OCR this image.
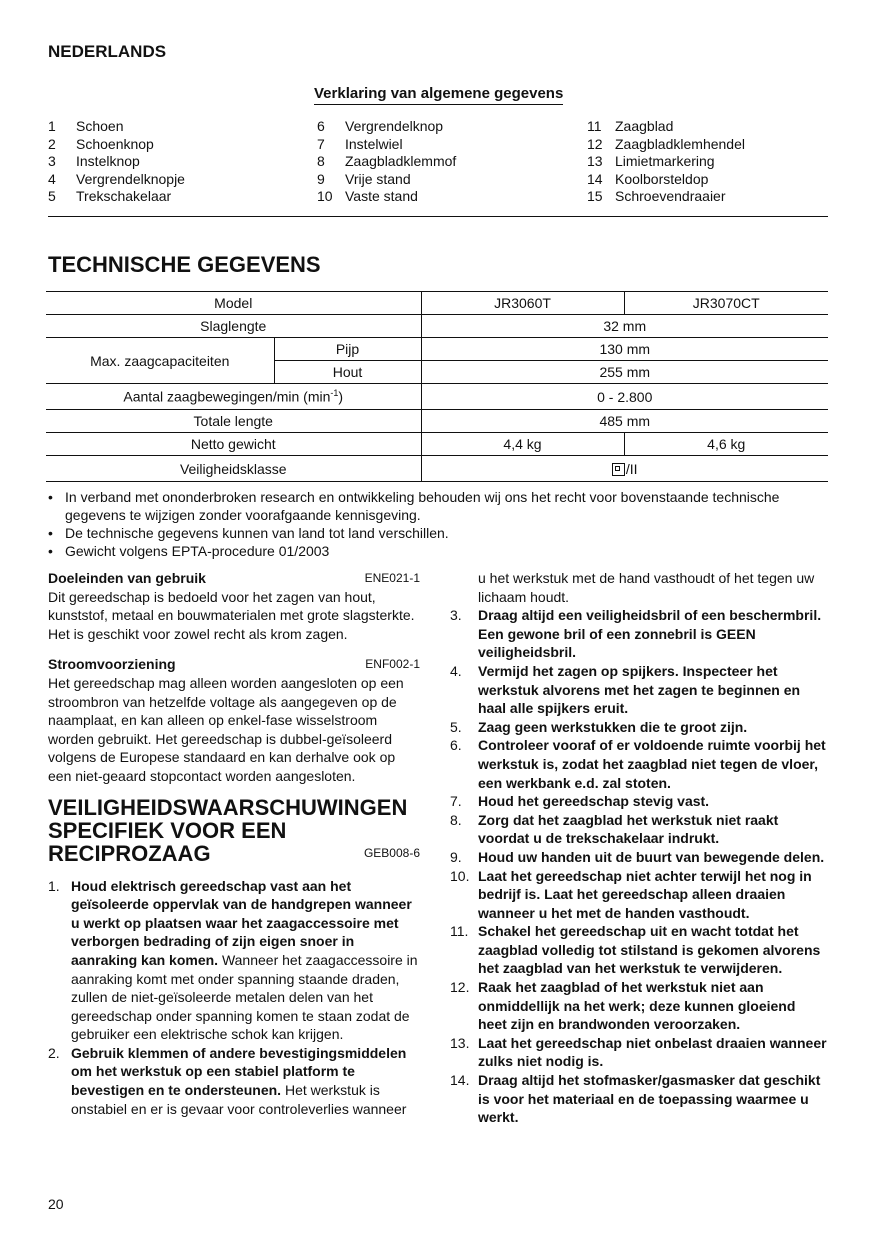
NEDERLANDS
Verklaring van algemene gegevens
1	Schoen
2	Schoenknop
3	Instelknop
4	Vergrendelknopje
5	Trekschakelaar
6	Vergrendelknop
7	Instelwiel
8	Zaagbladklemmof
9	Vrije stand
10 Vaste stand
11 Zaagblad
12 Zaagbladklemhendel
13 Limietmarkering
14 Koolborsteldop
15 Schroevendraaier
TECHNISCHE GEGEVENS
Model		JR3060T	JR3070CT
Slaglengte		32 mm	
Max. zaagcapaciteiten	Pijp	130 mm	
	Hout	255 mm	
Aantal zaagbewegingen/min $(\min^{-1})$		0 - 2.800	
Totale lengte		485 mm	
Netto gewicht		4,4 kg	4,6 kg
Veiligheidsklasse		/II	
• In verband met ononderbroken research en ontwikkeling behouden wij ons het recht voor bovenstaande technische gegevens te wijzigen zonder voorafgaande kennisgeving.
• De technische gegevens kunnen van land tot land verschillen.
• Gewicht volgens EPTA-procedure 01/2003
Doeleinden van gebruik	ENE021-1

Dit gereedschap is bedoeld voor het zagen van hout, kunststof, metaal en bouwmaterialen met grote slagsterkte. Het is geschikt voor zowel recht als krom zagen.

Stroomvoorziening	ENF002-1

Het gereedschap mag alleen worden aangesloten op een stroombron van hetzelfde voltage als aangegeven op de naamplaat, en kan alleen op enkel-fase wisselstroom worden gebruikt. Het gereedschap is dubbel-geïsoleerd volgens de Europese standaard en kan derhalve ook op een niet-geaard stopcontact worden aangesloten.

VEILIGHEIDSWAARSCHUWINGEN
SPECIFIEK VOOR EEN
RECIPROZAAG	GEB008-6
1. Houd elektrisch gereedschap vast aan het geïsoleerde oppervlak van de handgrepen wanneer u werkt op plaatsen waar het zaagaccessoire met verborgen bedrading of zijn eigen snoer in aanraking kan komen. Wanneer het zaagaccessoire in aanraking komt met onder spanning staande draden, zullen de niet-geïsoleerde metalen delen van het gereedschap onder spanning komen te staan zodat de gebruiker een elektrische schok kan krijgen.
2. Gebruik klemmen of andere bevestigingsmiddelen om het werkstuk op een stabiel platform te bevestigen en te ondersteunen. Het werkstuk is onstabiel en er is gevaar voor controleverlies wanneer
u het werkstuk met de hand vasthoudt of het tegen uw lichaam houdt.
3.	Draag altijd een veiligheidsbril of een beschermbril. Een gewone bril of een zonnebril is GEEN veiligheidsbril.
4.	Vermijd het zagen op spijkers. Inspecteer het werkstuk alvorens met het zagen te beginnen en haal alle spijkers eruit.
5.	Zaag geen werkstukken die te groot zijn.
6.	Controleer vooraf of er voldoende ruimte voorbij het werkstuk is, zodat het zaagblad niet tegen de vloer, een werkbank e.d. zal stoten.
7.	Houd het gereedschap stevig vast.
8.	Zorg dat het zaagblad het werkstuk niet raakt voordat u de trekschakelaar indrukt.
9.	Houd uw handen uit de buurt van bewegende delen.
10. Laat het gereedschap niet achter terwijl het nog in bedrijf is. Laat het gereedschap alleen draaien wanneer u het met de handen vasthoudt.
11. Schakel het gereedschap uit en wacht totdat het zaagblad volledig tot stilstand is gekomen alvorens het zaagblad van het werkstuk te verwijderen.
12. Raak het zaagblad of het werkstuk niet aan onmiddellijk na het werk; deze kunnen gloeiend heet zijn en brandwonden veroorzaken.
13. Laat het gereedschap niet onbelast draaien wanneer zulks niet nodig is.
14. Draag altijd het stofmasker/gasmasker dat geschikt is voor het materiaal en de toepassing waarmee u werkt.
20
